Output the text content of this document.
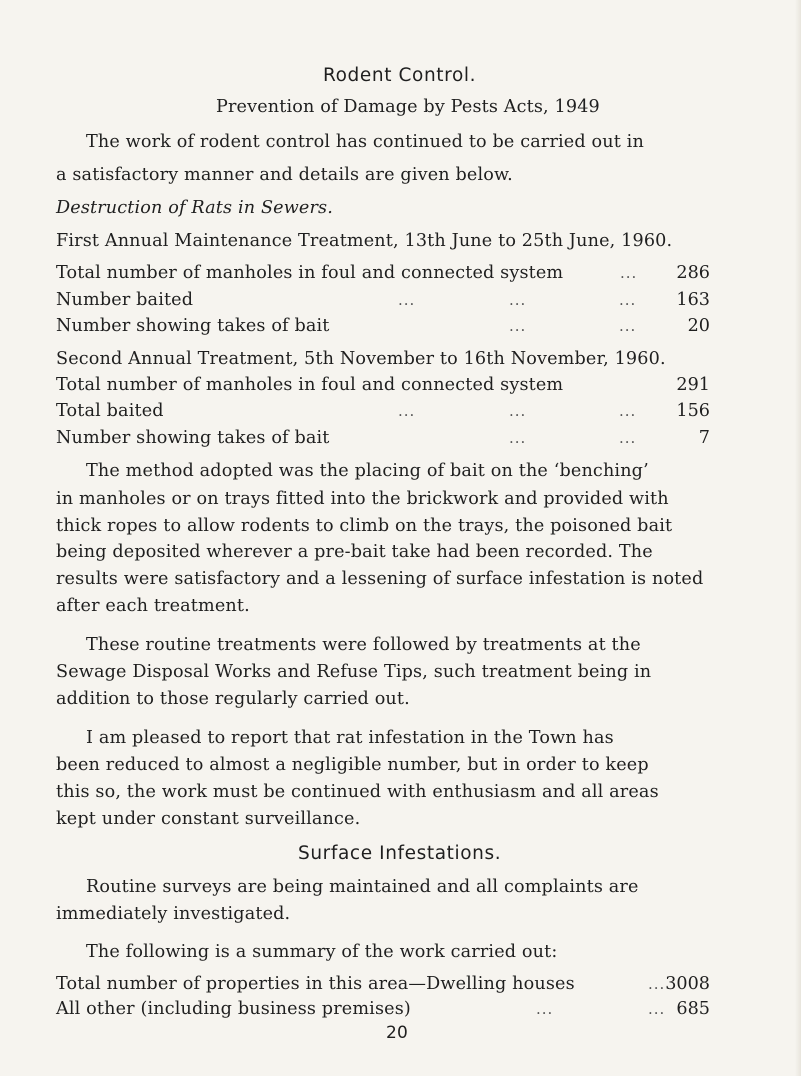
Rodent Control.
Prevention of Damage by Pests Acts, 1949
The work of rodent control has continued to be carried out in
a satisfactory manner and details are given below.
Destruction of Rats in Sewers.
First Annual Maintenance Treatment, 13th June to 25th June, 1960.
Total number of manholes in foul and connected system	...	286
Number baited	...	...	...	163
Number showing takes of bait	...	...	20
Second Annual Treatment, 5th November to 16th November, 1960.
Total number of manholes in foul and connected system	291
Total baited	...	...	...	156
Number showing takes of bait	...	...	7
The method adopted was the placing of bait on the ‘benching’
in manholes or on trays fitted into the brickwork and provided with
thick ropes to allow rodents to climb on the trays, the poisoned bait
being deposited wherever a pre-bait take had been recorded. The
results were satisfactory and a lessening of surface infestation is noted
after each treatment.
These routine treatments were followed by treatments at the
Sewage Disposal Works and Refuse Tips, such treatment being in
addition to those regularly carried out.
I am pleased to report that rat infestation in the Town has
been reduced to almost a negligible number, but in order to keep
this so, the work must be continued with enthusiasm and all areas
kept under constant surveillance.
Surface Infestations.
Routine surveys are being maintained and all complaints are
immediately investigated.
The following is a summary of the work carried out:
Total number of properties in this area—Dwelling houses	... 3008
All other (including business premises)	...	... 685
20
